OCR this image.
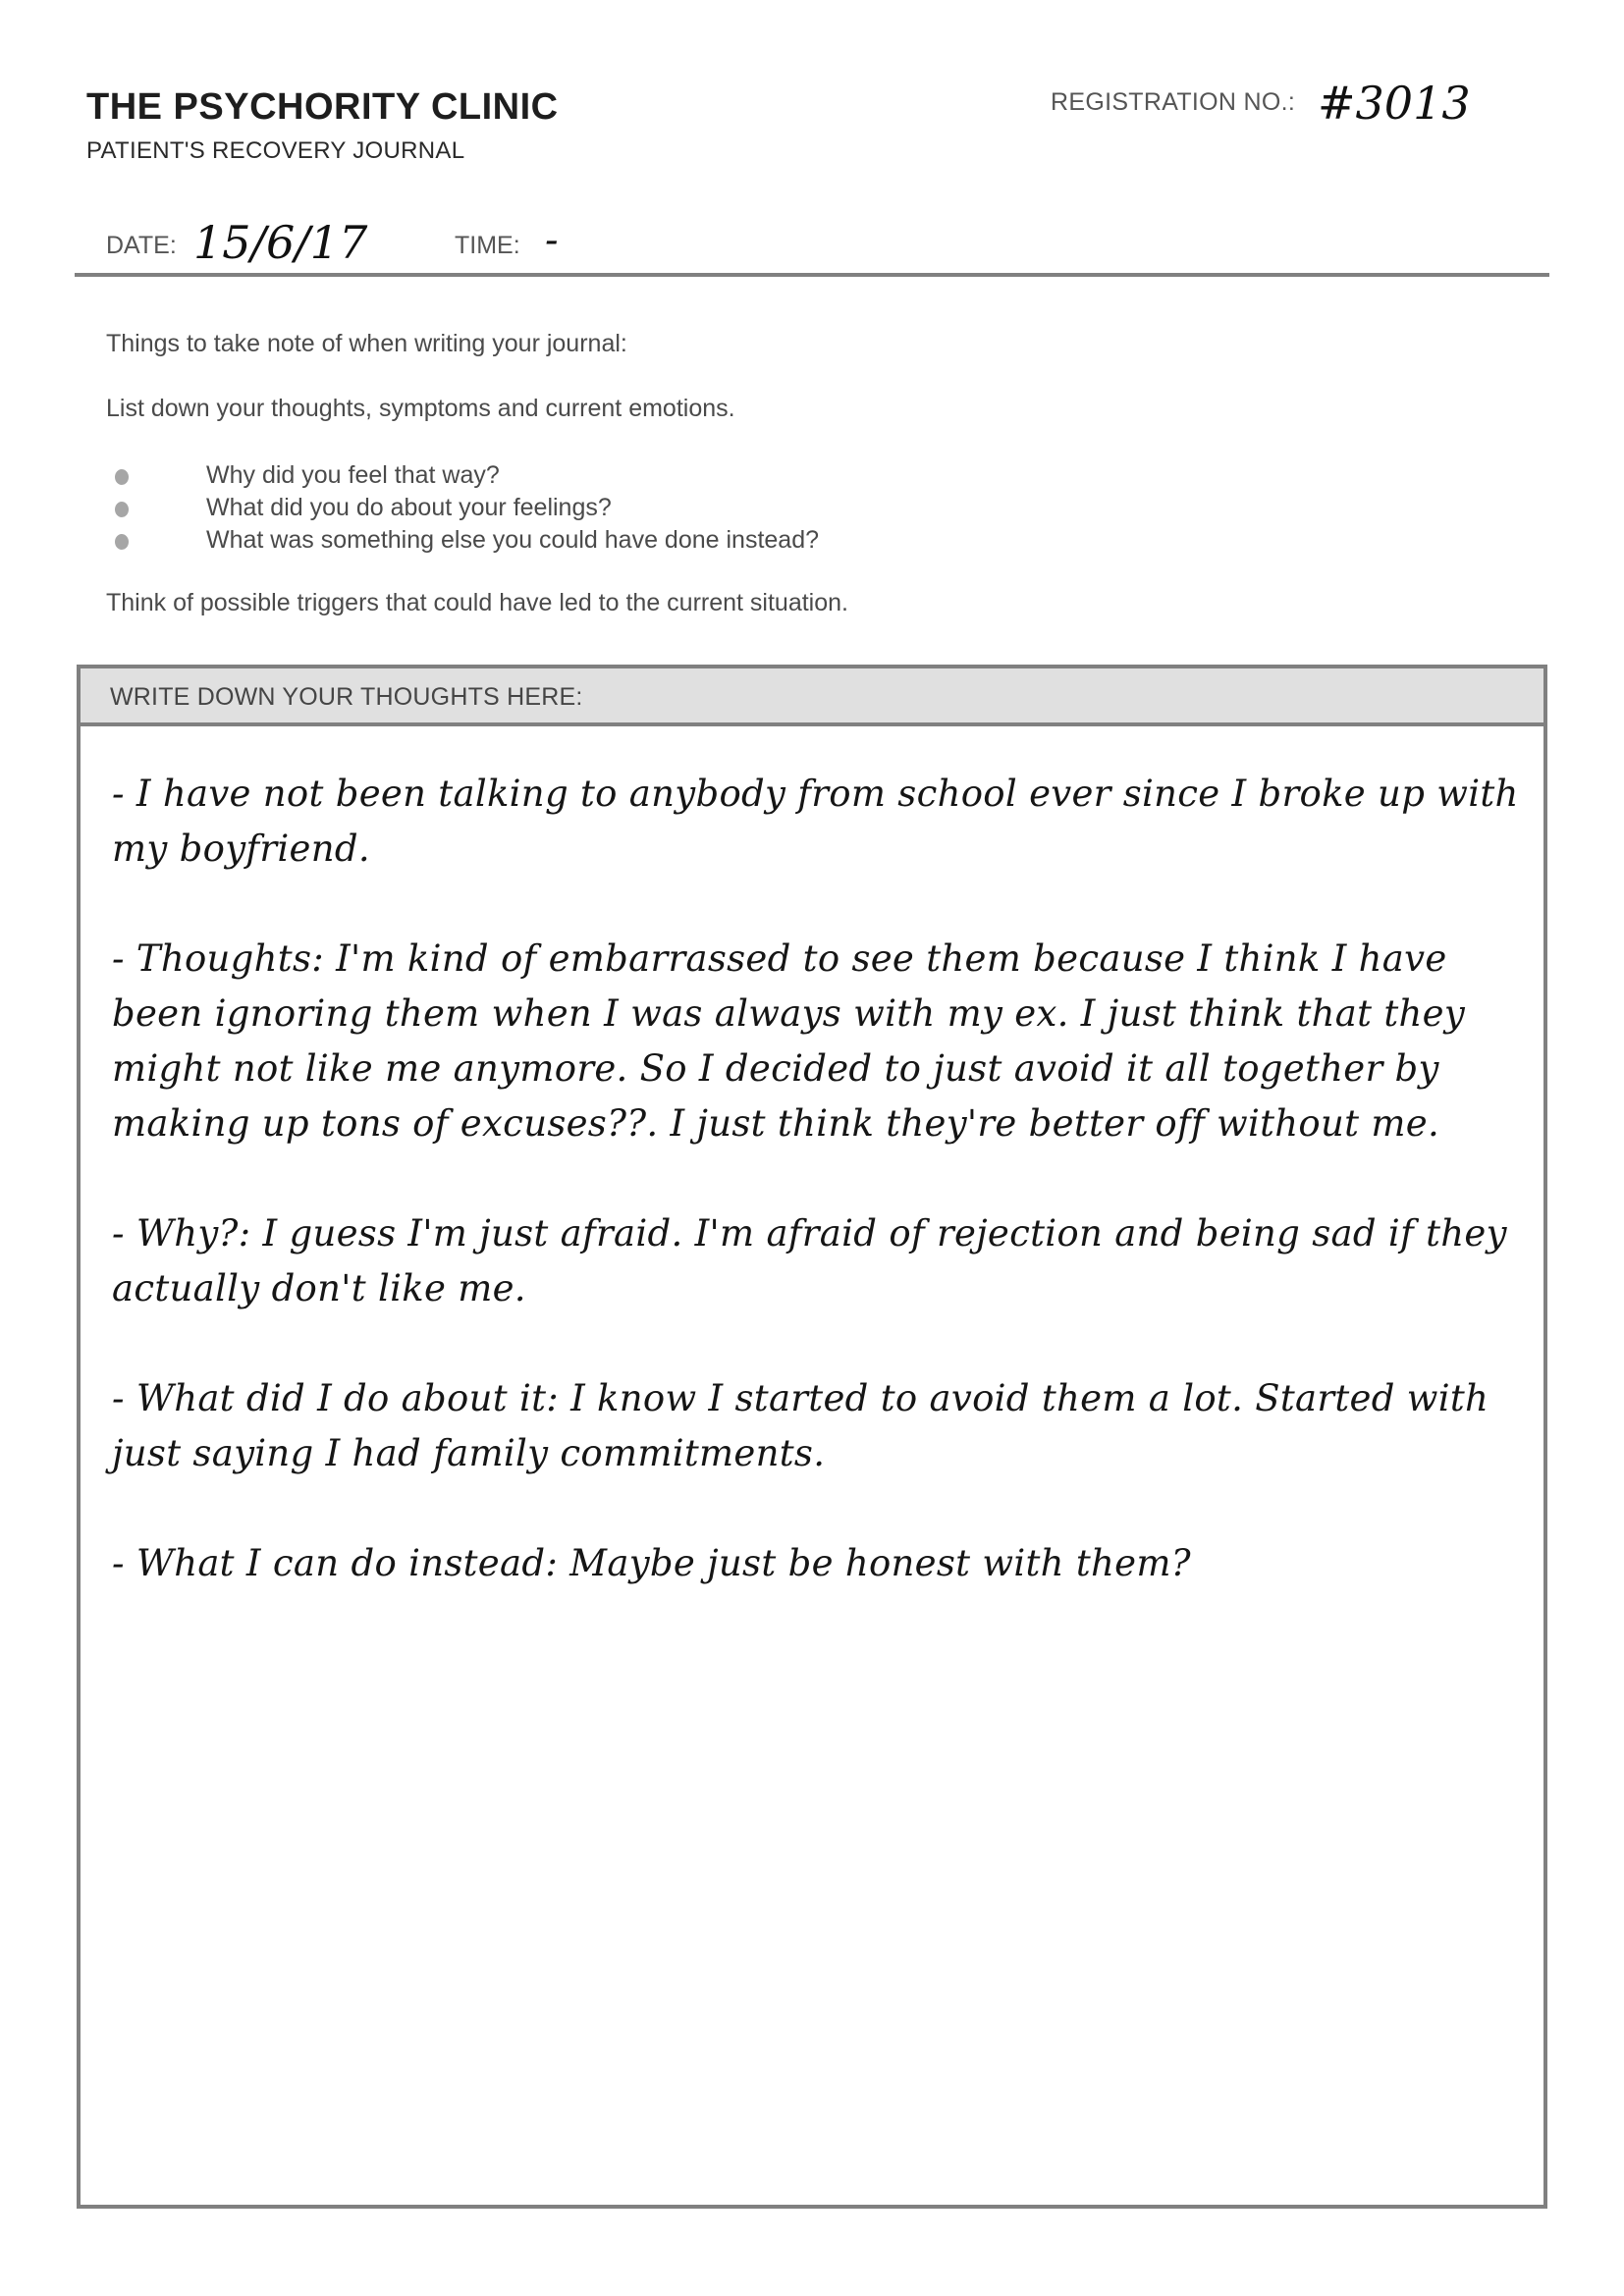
THE PSYCHORITY CLINIC
PATIENT'S RECOVERY JOURNAL
REGISTRATION NO.: #3013
DATE: 15/6/17	TIME: -
Things to take note of when writing your journal:
List down your thoughts, symptoms and current emotions.
Why did you feel that way?
What did you do about your feelings?
What was something else you could have done instead?
Think of possible triggers that could have led to the current situation.
WRITE DOWN YOUR THOUGHTS HERE:

- I have not been talking to anybody from school ever since I broke up with my boyfriend.

- Thoughts: I'm kind of embarrassed to see them because I think I have been ignoring them when I was always with my ex. I just think that they might not like me anymore. So I decided to just avoid it all together by making up tons of excuses??. I just think they're better off without me.

- Why?: I guess I'm just afraid. I'm afraid of rejection and being sad if they actually don't like me.

- What did I do about it: I know I started to avoid them a lot. Started with just saying I had family commitments.

- What I can do instead: Maybe just be honest with them?
